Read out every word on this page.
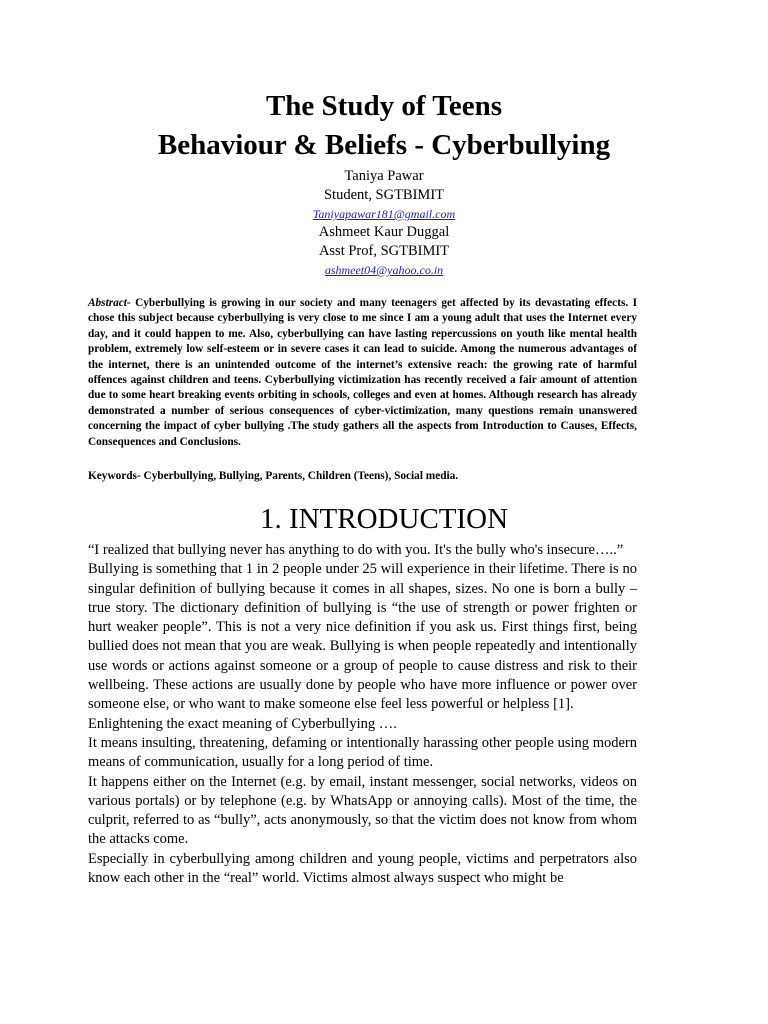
The Study of Teens
Behaviour & Beliefs - Cyberbullying
Taniya Pawar
Student, SGTBIMIT
Taniyapawar181@gmail.com
Ashmeet Kaur Duggal
Asst Prof, SGTBIMIT
ashmeet04@yahoo.co.in

Abstract- Cyberbullying is growing in our society and many teenagers get affected by its devastating effects. I chose this subject because cyberbullying is very close to me since I am a young adult that uses the Internet every day, and it could happen to me. Also, cyberbullying can have lasting repercussions on youth like mental health problem, extremely low self-esteem or in severe cases it can lead to suicide. Among the numerous advantages of the internet, there is an unintended outcome of the internet’s extensive reach: the growing rate of harmful offences against children and teens. Cyberbullying victimization has recently received a fair amount of attention due to some heart breaking events orbiting in schools, colleges and even at homes. Although research has already demonstrated a number of serious consequences of cyber-victimization, many questions remain unanswered concerning the impact of cyber bullying .The study gathers all the aspects from Introduction to Causes, Effects, Consequences and Conclusions.

Keywords- Cyberbullying, Bullying, Parents, Children (Teens), Social media.

1. INTRODUCTION

“I realized that bullying never has anything to do with you. It's the bully who's insecure…..”

Bullying is something that 1 in 2 people under 25 will experience in their lifetime. There is no singular definition of bullying because it comes in all shapes, sizes. No one is born a bully – true story. The dictionary definition of bullying is “the use of strength or power frighten or hurt weaker people”. This is not a very nice definition if you ask us. First things first, being bullied does not mean that you are weak. Bullying is when people repeatedly and intentionally use words or actions against someone or a group of people to cause distress and risk to their wellbeing. These actions are usually done by people who have more influence or power over someone else, or who want to make someone else feel less powerful or helpless [1].

Enlightening the exact meaning of Cyberbullying ….

It means insulting, threatening, defaming or intentionally harassing other people using modern means of communication, usually for a long period of time.

It happens either on the Internet (e.g. by email, instant messenger, social networks, videos on various portals) or by telephone (e.g. by WhatsApp or annoying calls). Most of the time, the culprit, referred to as “bully”, acts anonymously, so that the victim does not know from whom the attacks come.

Especially in cyberbullying among children and young people, victims and perpetrators also know each other in the “real” world. Victims almost always suspect who might be
